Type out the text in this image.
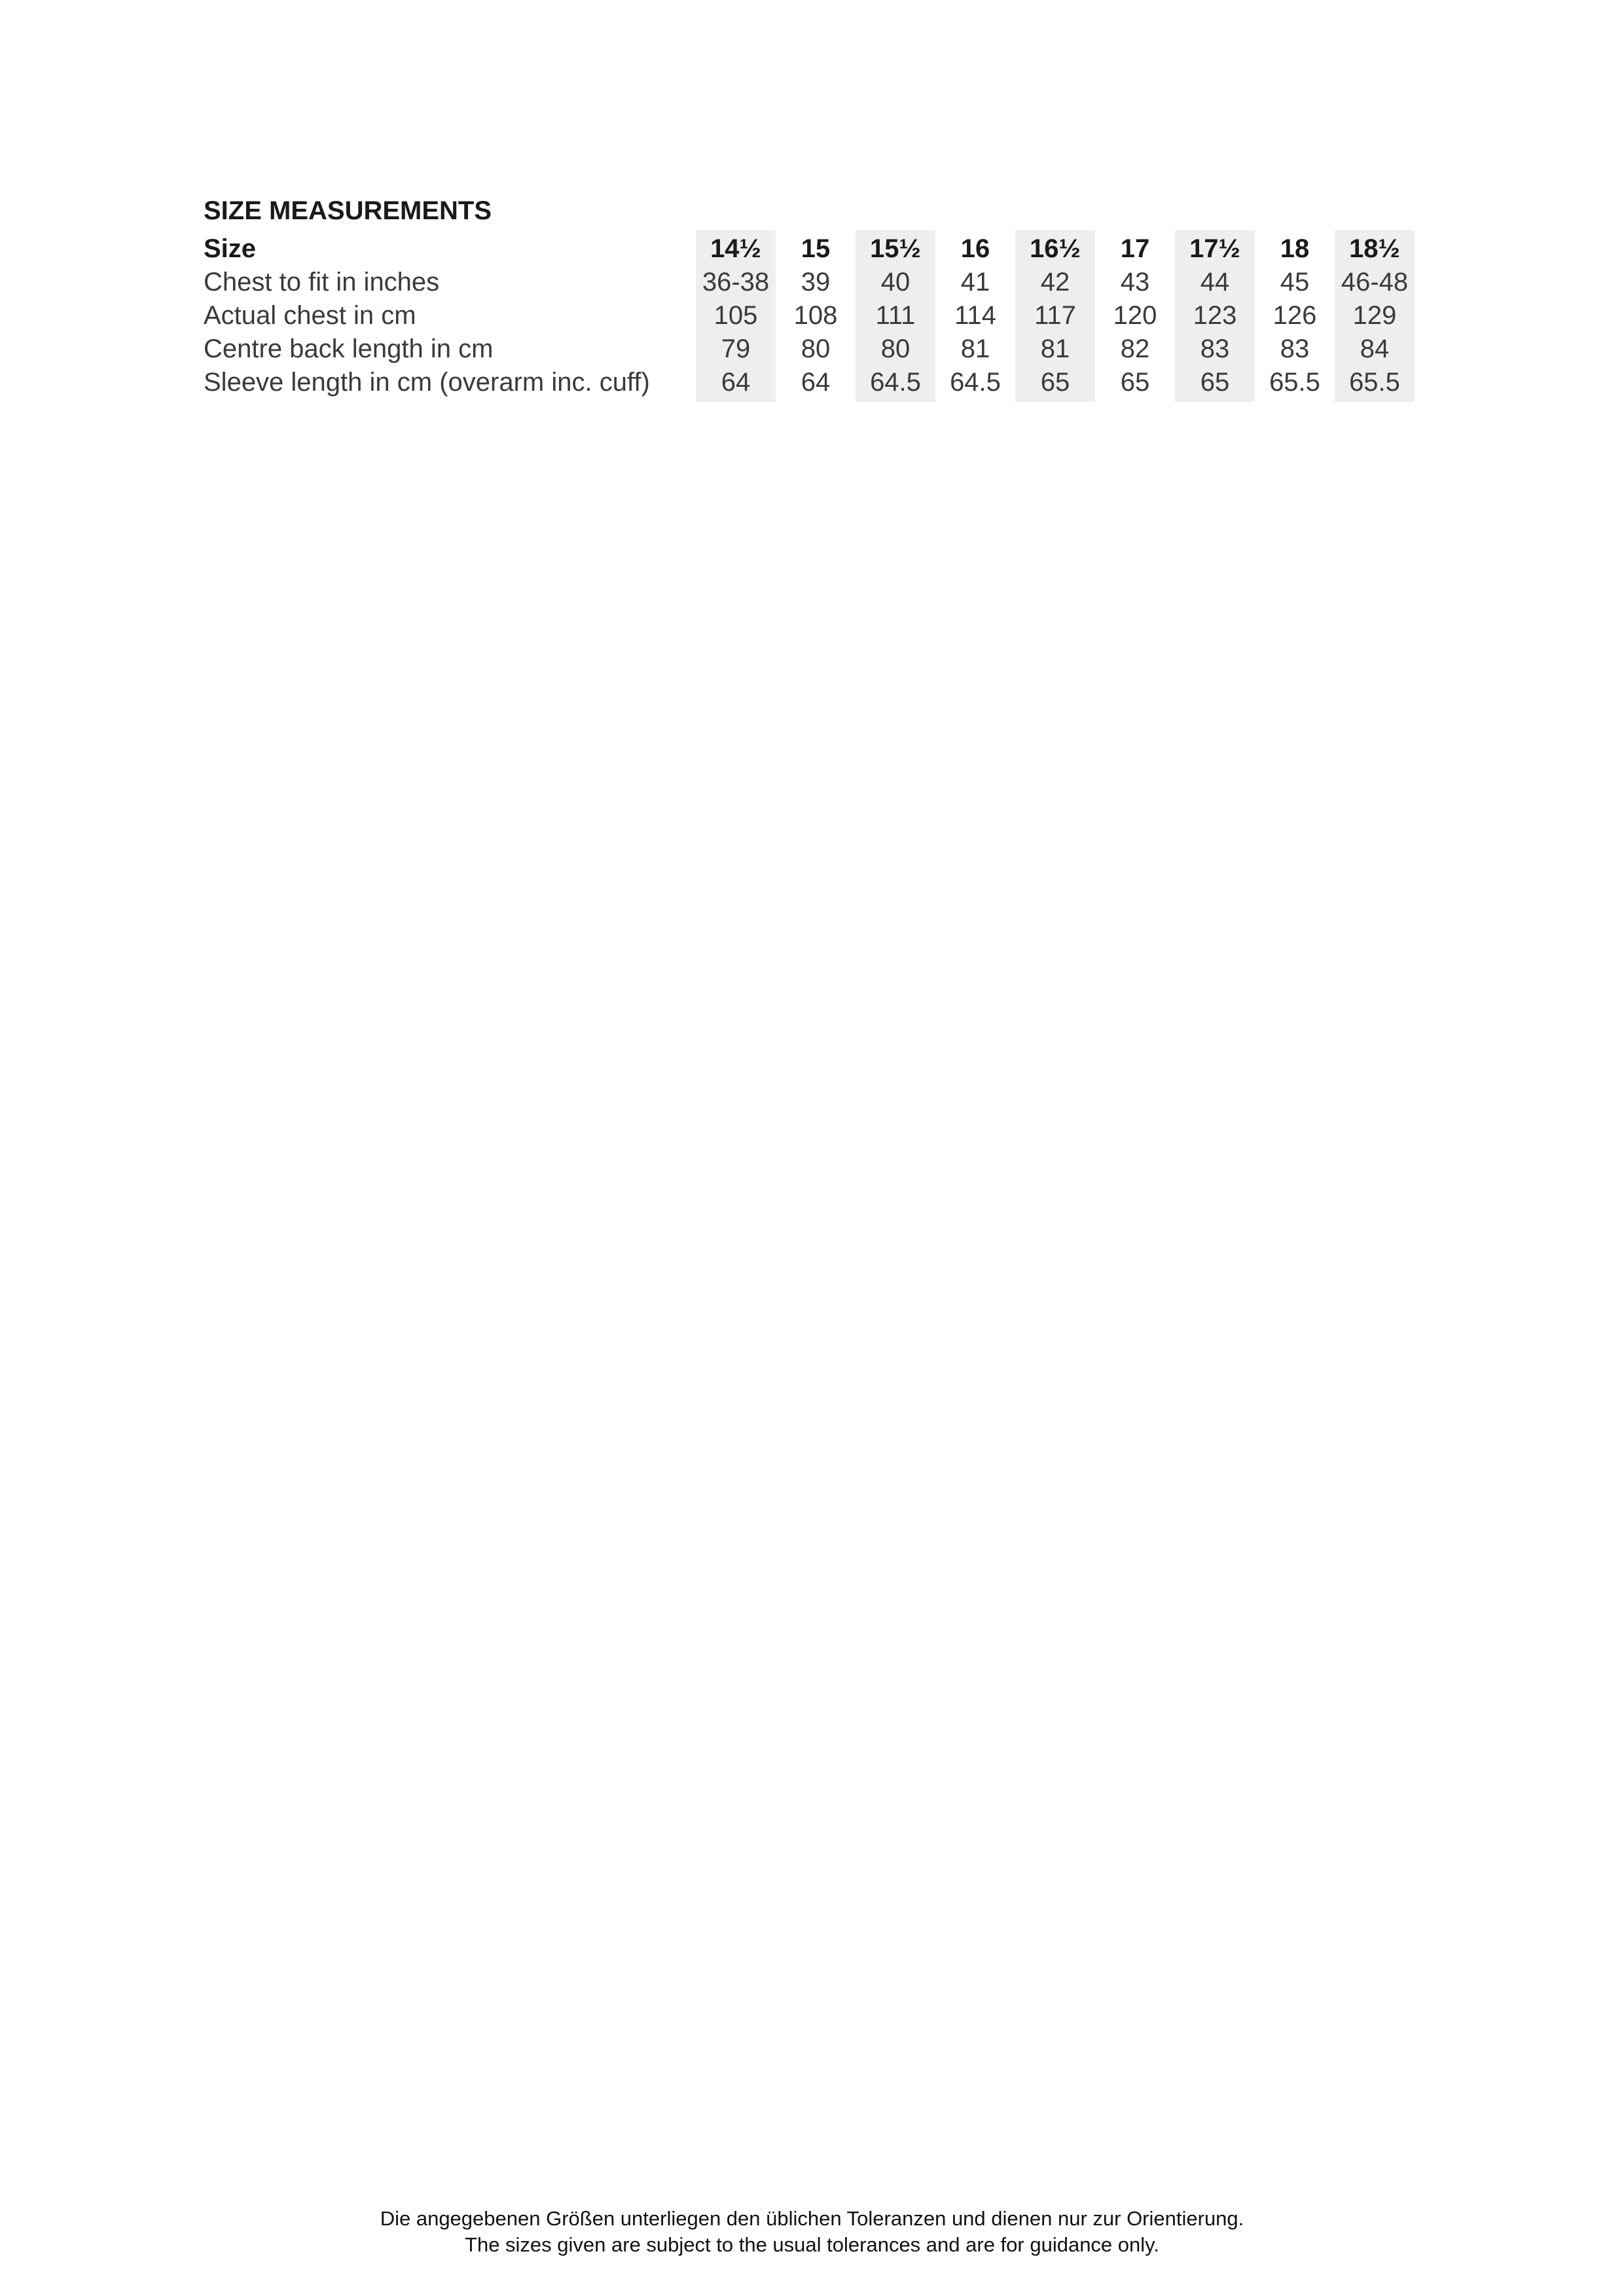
SIZE MEASUREMENTS
Size	14½	15	15½	16	16½	17	17½	18	18½
Chest to fit in inches	36-38	39	40	41	42	43	44	45	46-48
Actual chest in cm	105	108	111	114	117	120	123	126	129
Centre back length in cm	79	80	80	81	81	82	83	83	84
Sleeve length in cm (overarm inc. cuff)	64	64	64.5	64.5	65	65	65	65.5	65.5
Die angegebenen Größen unterliegen den üblichen Toleranzen und dienen nur zur Orientierung.
The sizes given are subject to the usual tolerances and are for guidance only.
